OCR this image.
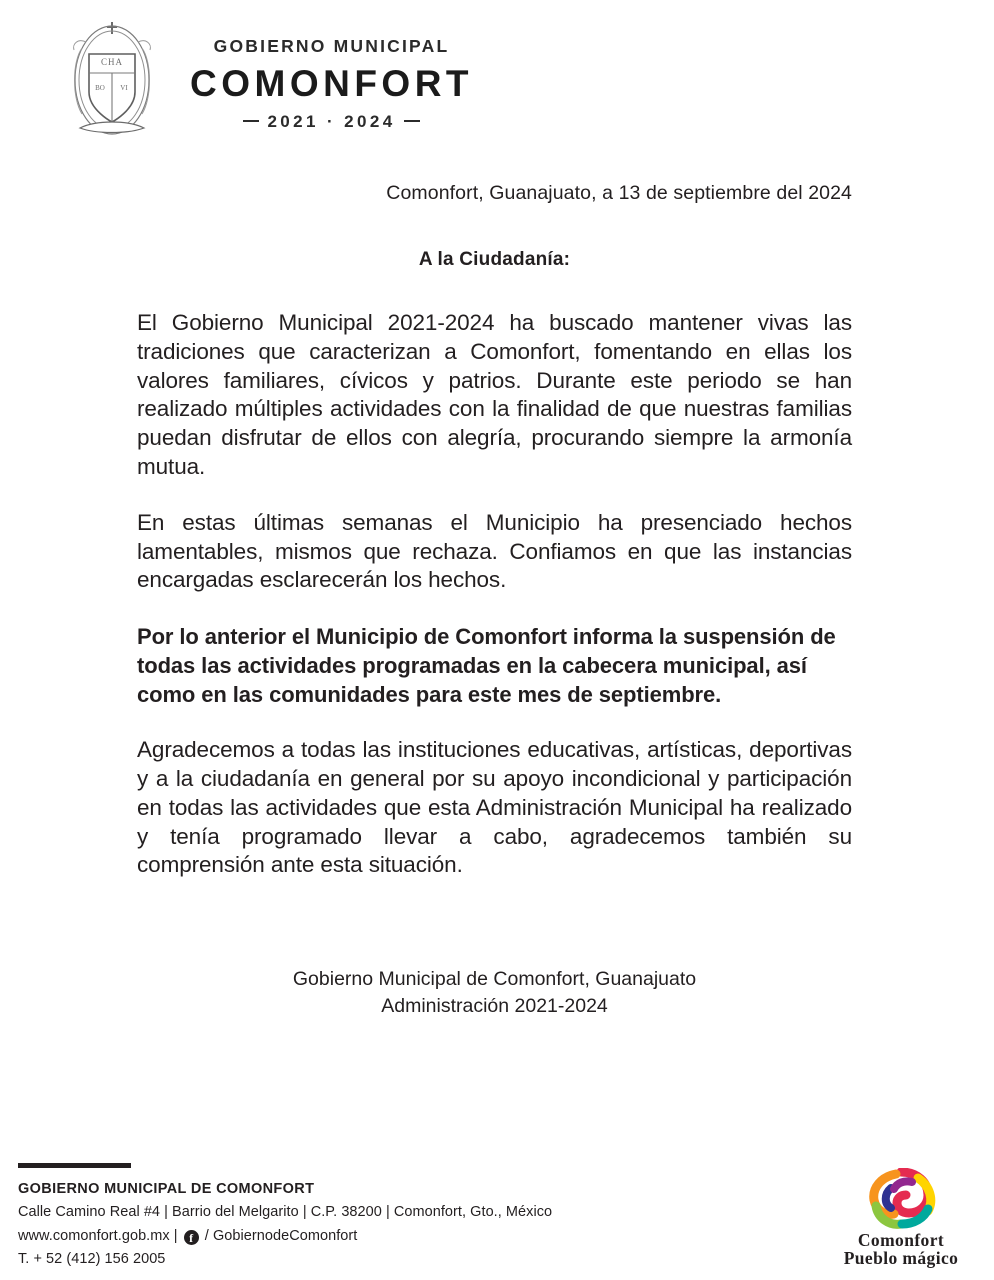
CHA
BO VI
GOBIERNO MUNICIPAL
COMONFORT
2021 · 2024

Comonfort, Guanajuato, a 13 de septiembre del 2024

A la Ciudadanía:

El Gobierno Municipal 2021-2024 ha buscado mantener vivas las tradiciones que caracterizan a Comonfort, fomentando en ellas los valores familiares, cívicos y patrios. Durante este periodo se han realizado múltiples actividades con la finalidad de que nuestras familias puedan disfrutar de ellos con alegría, procurando siempre la armonía mutua.

En estas últimas semanas el Municipio ha presenciado hechos lamentables, mismos que rechaza. Confiamos en que las instancias encargadas esclarecerán los hechos.

Por lo anterior el Municipio de Comonfort informa la suspensión de todas las actividades programadas en la cabecera municipal, así como en las comunidades para este mes de septiembre.

Agradecemos a todas las instituciones educativas, artísticas, deportivas y a la ciudadanía en general por su apoyo incondicional y participación en todas las actividades que esta Administración Municipal ha realizado y tenía programado llevar a cabo, agradecemos también su comprensión ante esta situación.

Gobierno Municipal de Comonfort, Guanajuato
Administración 2021-2024
GOBIERNO MUNICIPAL DE COMONFORT
Calle Camino Real #4 | Barrio del Melgarito | C.P. 38200 | Comonfort, Gto., México
www.comonfort.gob.mx | f / GobiernodeComonfort
T. + 52 (412) 156 2005
Comonfort
Pueblo mágico
